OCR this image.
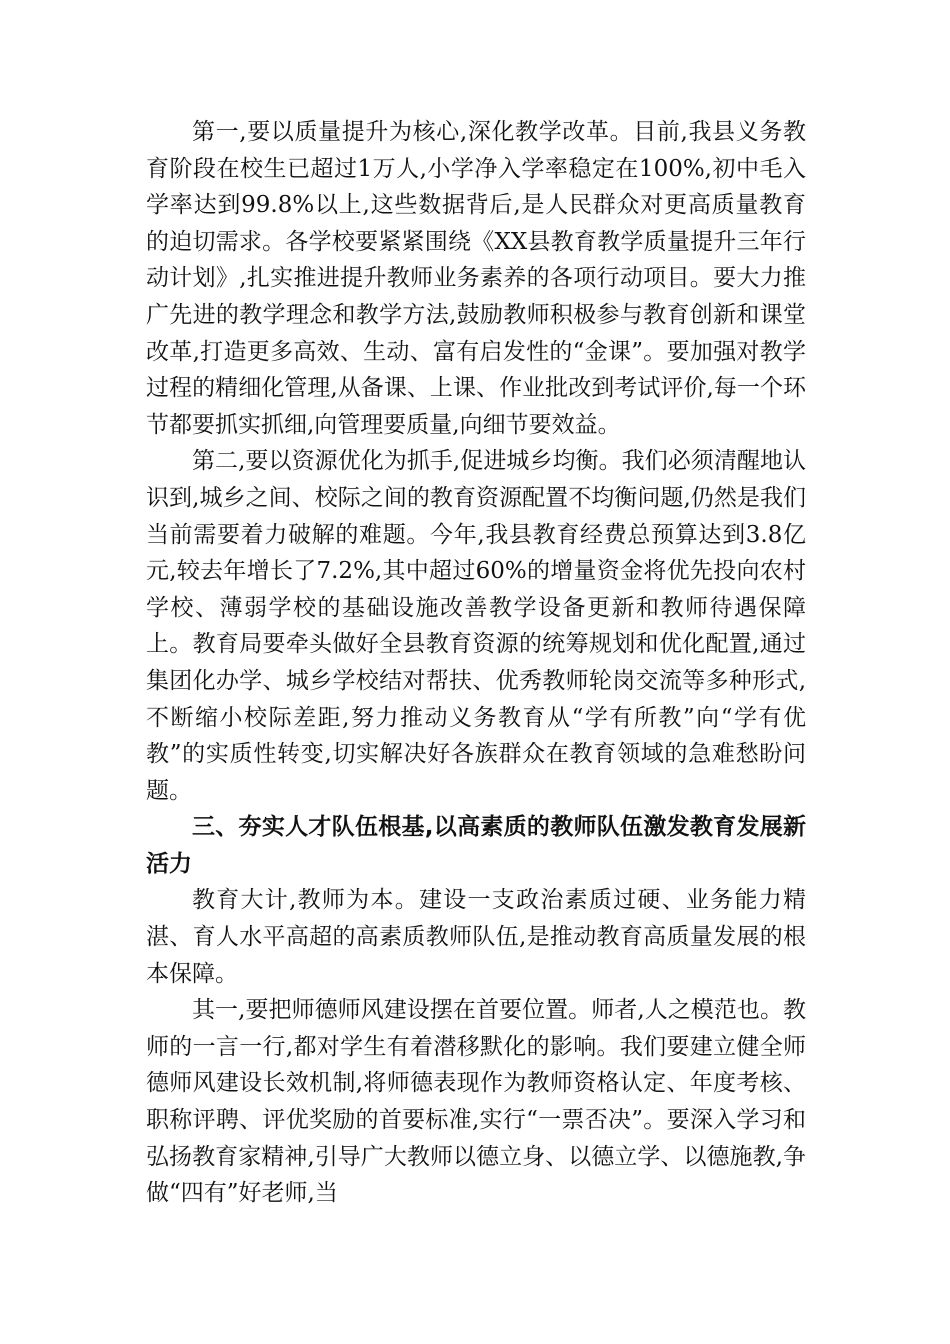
第一,要以质量提升为核心,深化教学改革。目前,我县义务教育阶段在校生已超过1万人,小学净入学率稳定在100%,初中毛入学率达到99.8%以上,这些数据背后,是人民群众对更高质量教育的迫切需求。各学校要紧紧围绕《XX县教育教学质量提升三年行动计划》,扎实推进提升教师业务素养的各项行动项目。要大力推广先进的教学理念和教学方法,鼓励教师积极参与教育创新和课堂改革,打造更多高效、生动、富有启发性的“金课”。要加强对教学过程的精细化管理,从备课、上课、作业批改到考试评价,每一个环节都要抓实抓细,向管理要质量,向细节要效益。

第二,要以资源优化为抓手,促进城乡均衡。我们必须清醒地认识到,城乡之间、校际之间的教育资源配置不均衡问题,仍然是我们当前需要着力破解的难题。今年,我县教育经费总预算达到3.8亿元,较去年增长了7.2%,其中超过60%的增量资金将优先投向农村学校、薄弱学校的基础设施改善教学设备更新和教师待遇保障上。教育局要牵头做好全县教育资源的统筹规划和优化配置,通过集团化办学、城乡学校结对帮扶、优秀教师轮岗交流等多种形式,不断缩小校际差距,努力推动义务教育从“学有所教”向“学有优教”的实质性转变,切实解决好各族群众在教育领域的急难愁盼问题。

三、夯实人才队伍根基,以高素质的教师队伍激发教育发展新活力

教育大计,教师为本。建设一支政治素质过硬、业务能力精湛、育人水平高超的高素质教师队伍,是推动教育高质量发展的根本保障。

其一,要把师德师风建设摆在首要位置。师者,人之模范也。教师的一言一行,都对学生有着潜移默化的影响。我们要建立健全师德师风建设长效机制,将师德表现作为教师资格认定、年度考核、职称评聘、评优奖励的首要标准,实行“一票否决”。要深入学习和弘扬教育家精神,引导广大教师以德立身、以德立学、以德施教,争做“四有”好老师,当
